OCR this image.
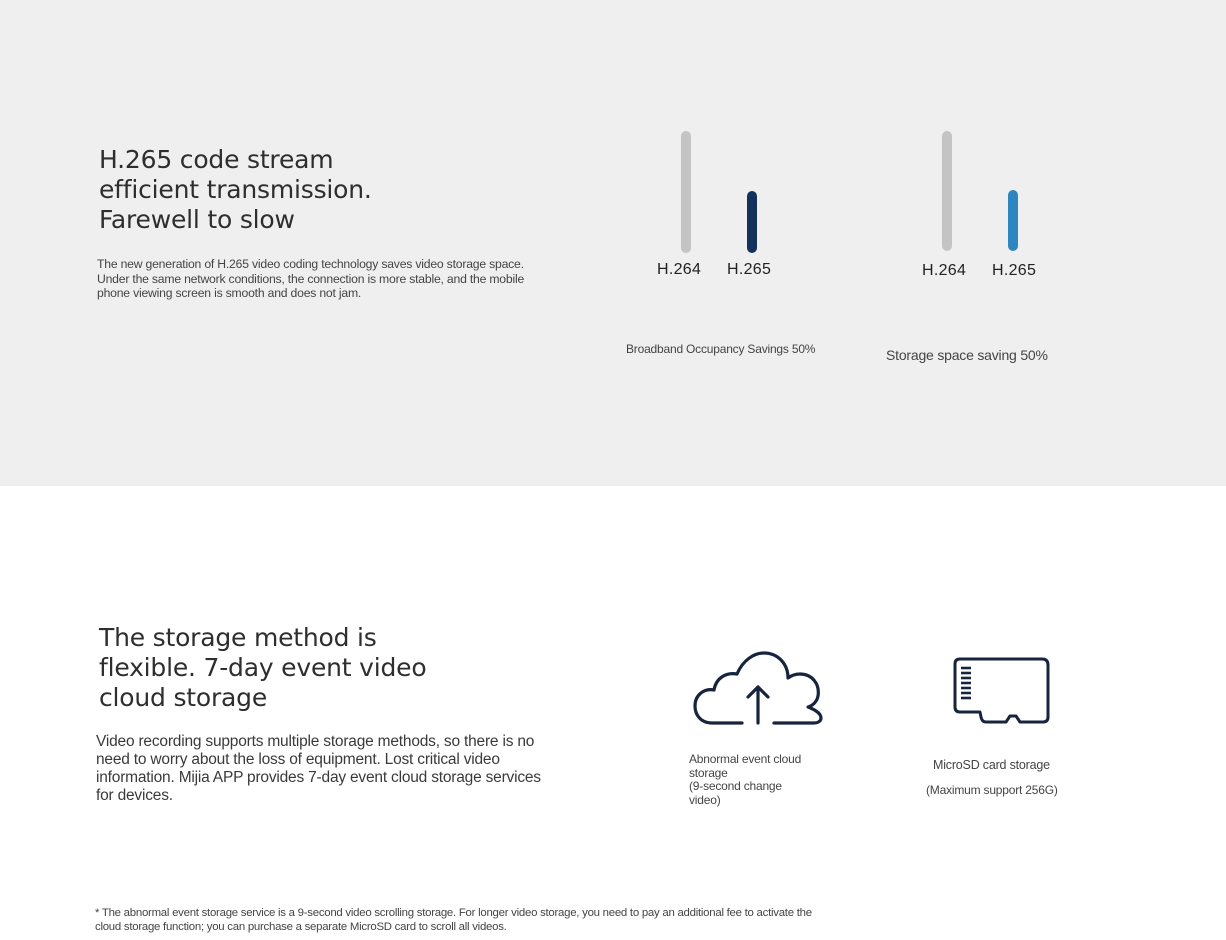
H.265 code stream
efficient transmission.
Farewell to slow

The new generation of H.265 video coding technology saves video storage space. Under the same network conditions, the connection is more stable, and the mobile phone viewing screen is smooth and does not jam.

H.264 H.265
Broadband Occupancy Savings 50%
H.264 H.265
Storage space saving 50%
The storage method is
flexible. 7-day event video
cloud storage

Video recording supports multiple storage methods, so there is no need to worry about the loss of equipment. Lost critical video information. Mijia APP provides 7-day event cloud storage services for devices.

Abnormal event cloud
storage
(9-second change
video)
MicroSD card storage
(Maximum support 256G)

* The abnormal event storage service is a 9-second video scrolling storage. For longer video storage, you need to pay an additional fee to activate the cloud storage function; you can purchase a separate MicroSD card to scroll all videos.
